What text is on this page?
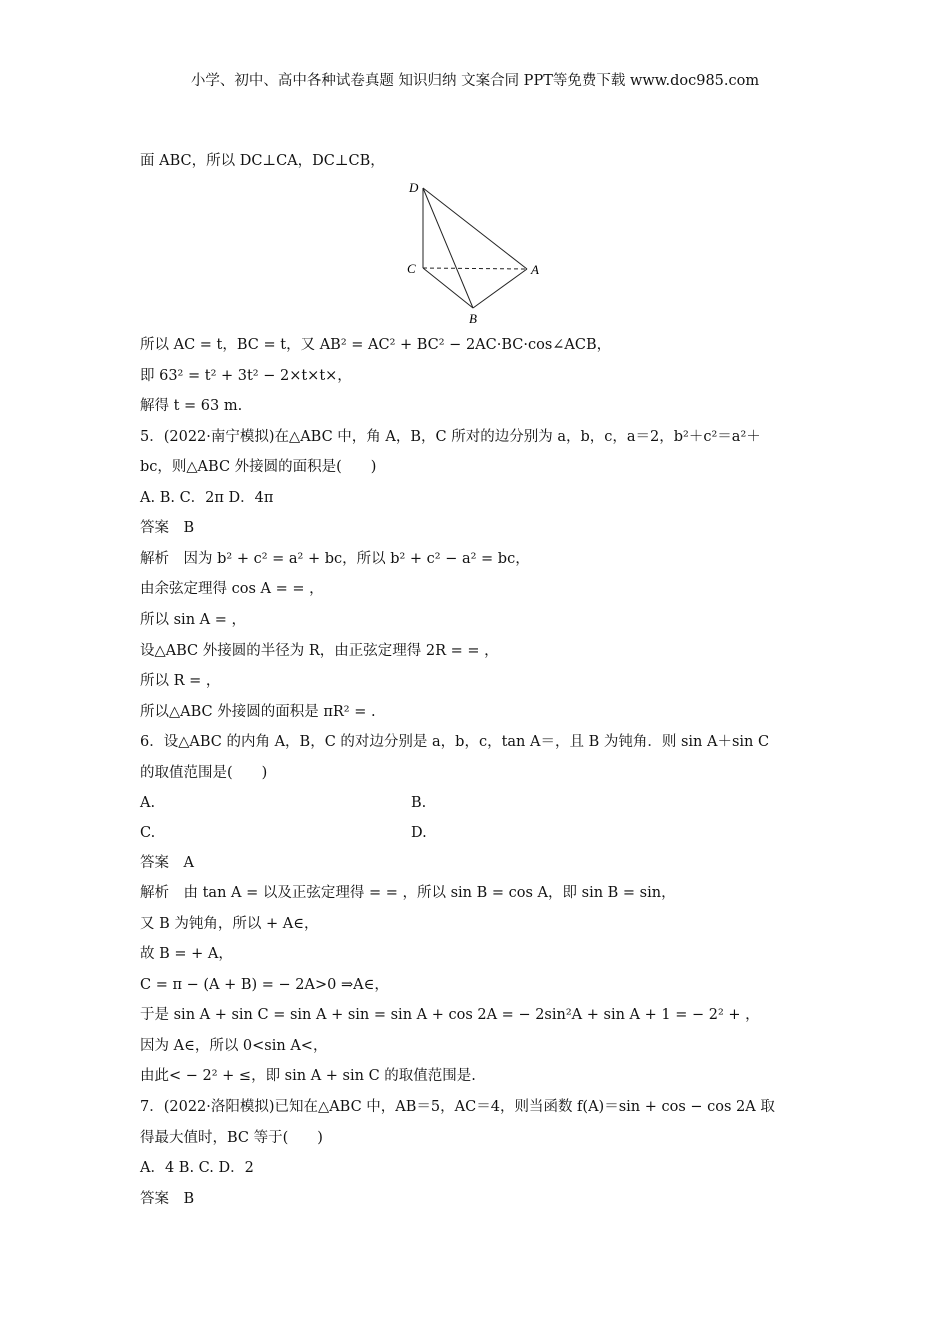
小学、初中、高中各种试卷真题 知识归纳 文案合同 PPT等免费下载 www.doc985.com
面 ABC，所以 DC⊥CA，DC⊥CB，
D
C	A
B
所以 AC = t，BC = t，又 AB² = AC² + BC² − 2AC·BC·cos∠ACB，
即 63² = t² + 3t² − 2×t×t×，
解得 t = 63 m.
5．(2022·南宁模拟)在△ABC 中，角 A，B，C 所对的边分别为 a，b，c，a＝2，b²＋c²＝a²＋
bc，则△ABC 外接圆的面积是(　　)
A. B. C．2π D．4π
答案　B
解析　因为 b² + c² = a² + bc，所以 b² + c² − a² = bc，
由余弦定理得 cos A = = ，
所以 sin A = ，
设△ABC 外接圆的半径为 R，由正弦定理得 2R = = ，
所以 R = ，
所以△ABC 外接圆的面积是 πR² = .
6．设△ABC 的内角 A，B，C 的对边分别是 a，b，c，tan A＝，且 B 为钝角．则 sin A＋sin C
的取值范围是(　　)
A.	B.
C.	D.
答案　A
解析　由 tan A = 以及正弦定理得 = = ，所以 sin B = cos A，即 sin B = sin，
又 B 为钝角，所以 + A∈，
故 B = + A，
C = π − (A + B) = − 2A>0 ⇒A∈，
于是 sin A + sin C = sin A + sin = sin A + cos 2A = − 2sin²A + sin A + 1 = − 2² + ，
因为 A∈，所以 0<sin A<，
由此< − 2² + ≤，即 sin A + sin C 的取值范围是.
7．(2022·洛阳模拟)已知在△ABC 中，AB＝5，AC＝4，则当函数 f(A)＝sin + cos − cos 2A 取
得最大值时，BC 等于(　　)
A．4 B. C. D．2
答案　B
